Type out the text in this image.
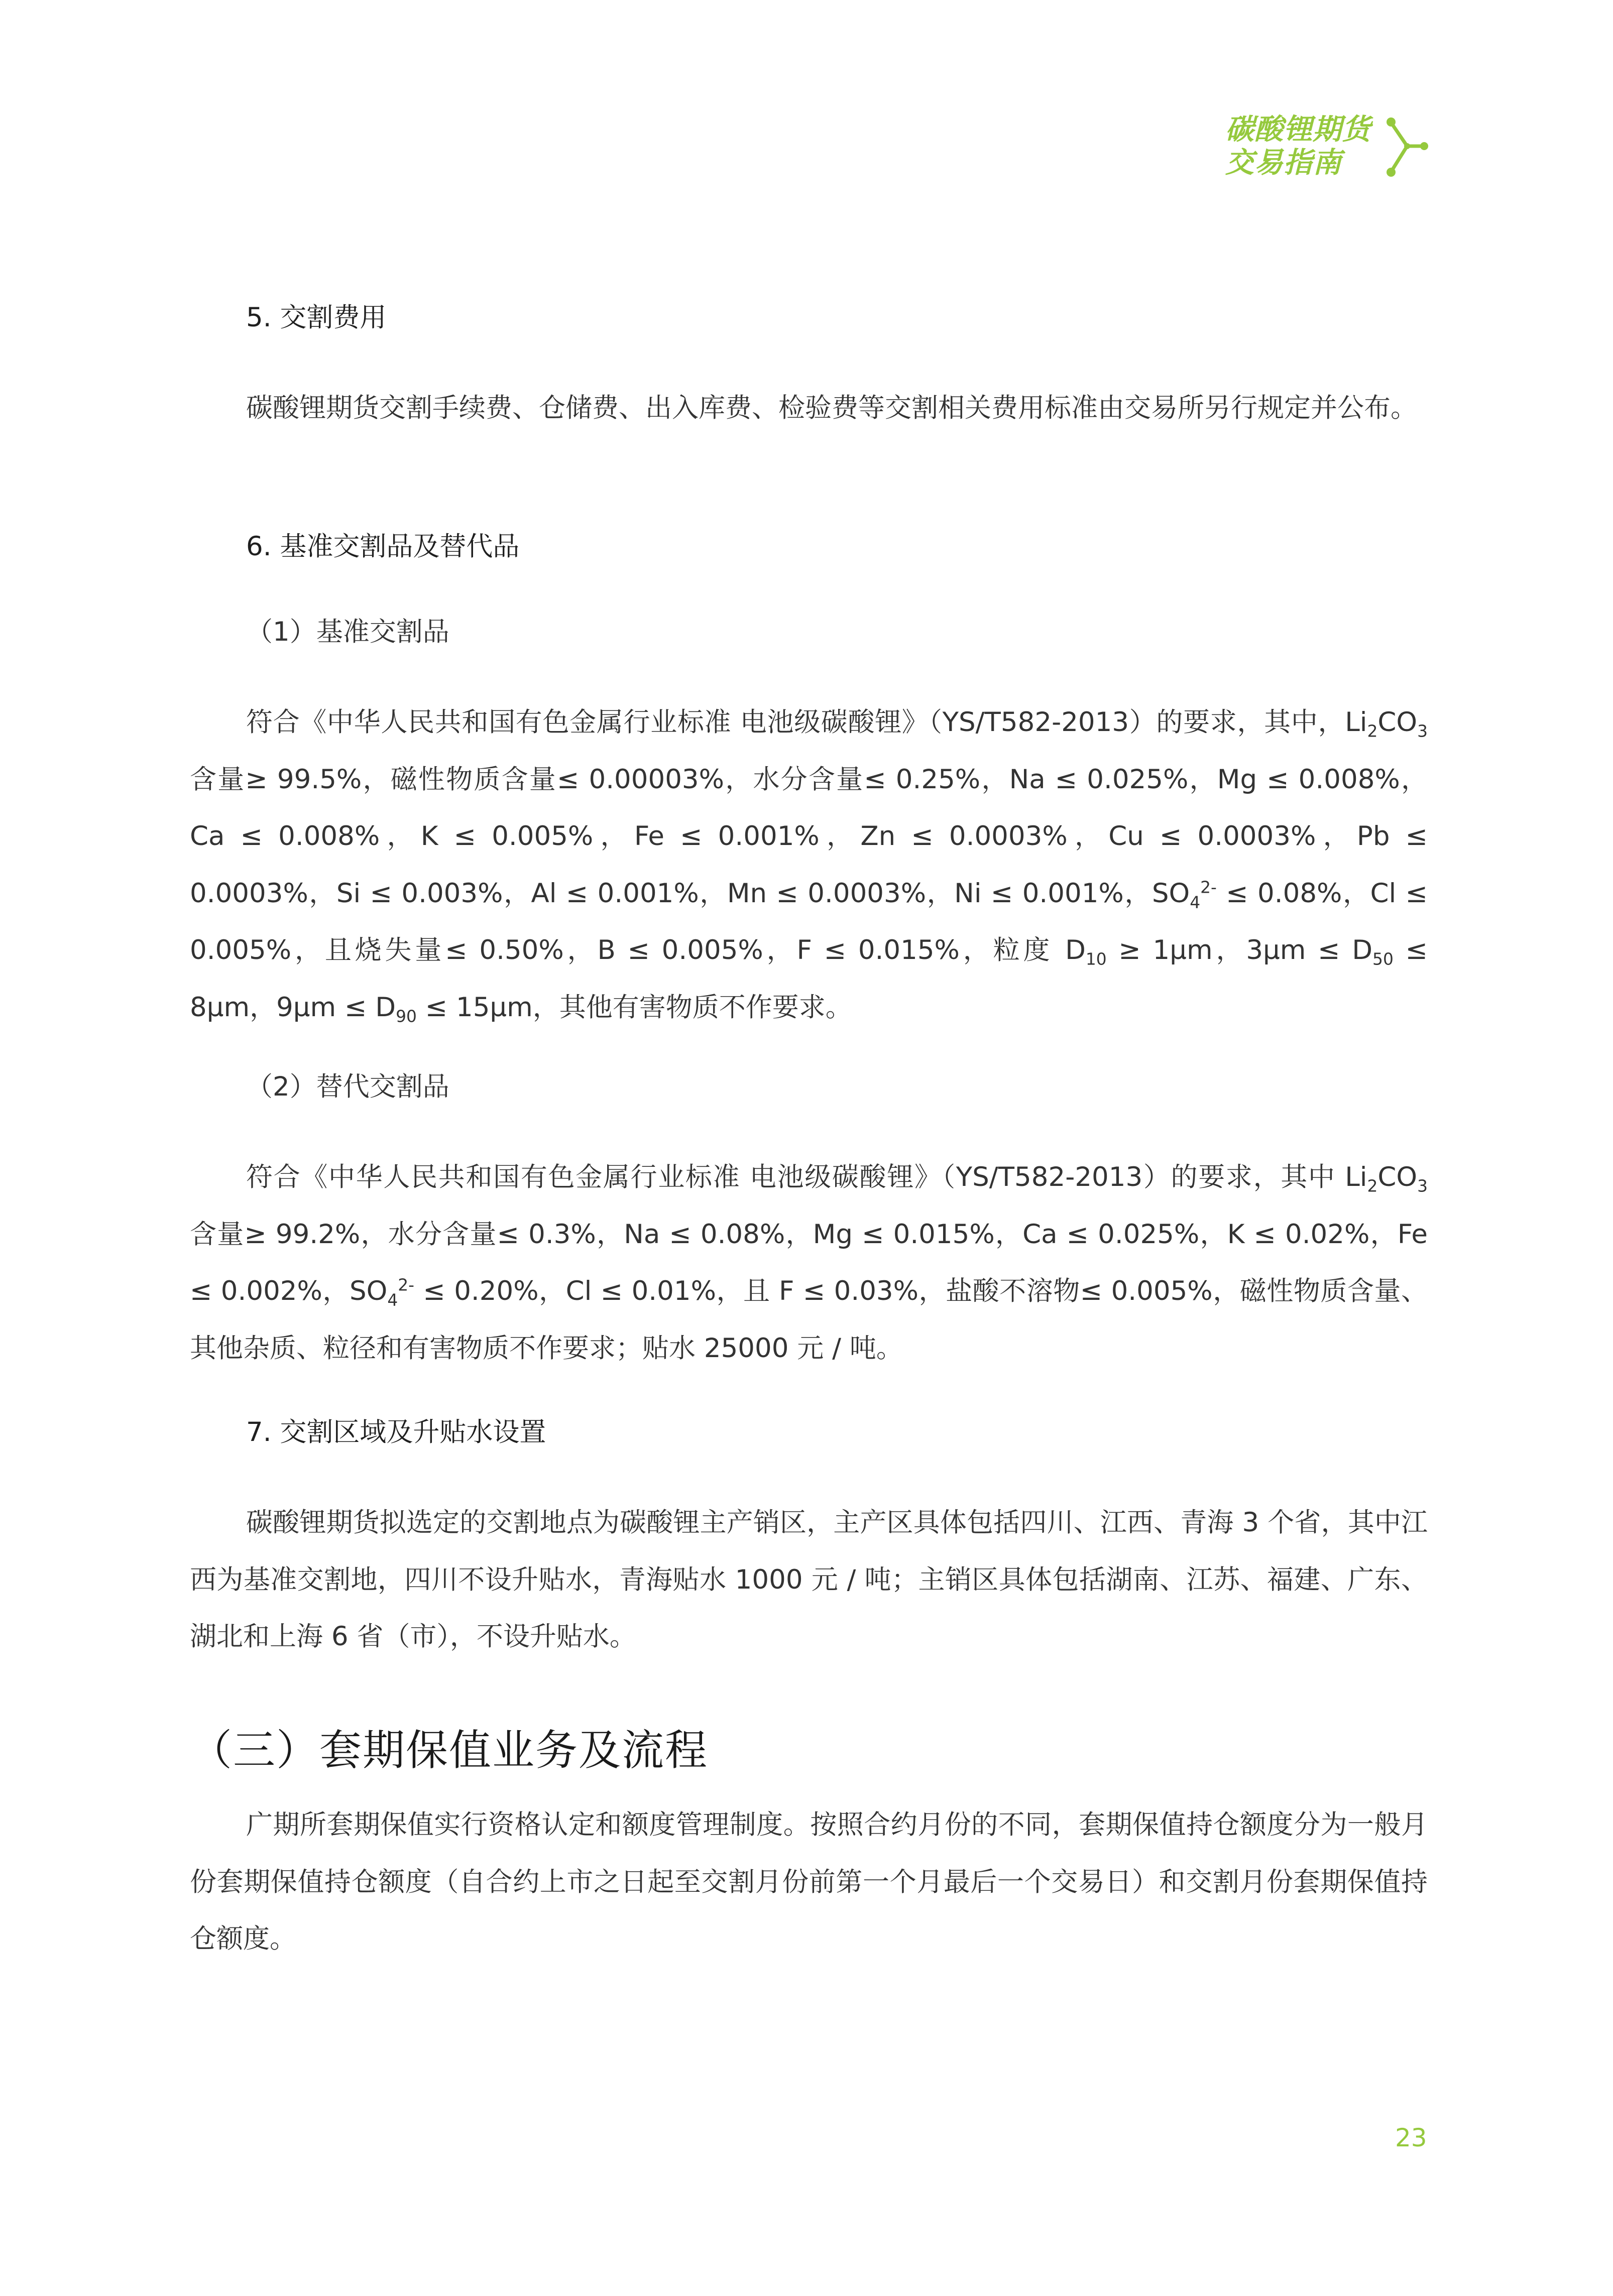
碳酸锂期货
交易指南
5. 交割费用

碳酸锂期货交割手续费、仓储费、出入库费、检验费等交割相关费用标准由交易所另行规定并公布。

6. 基准交割品及替代品
（1）基准交割品

符合《中华人民共和国有色金属行业标准 电池级碳酸锂》（YS/T582-2013）的要求，其中，$Li_2CO_3$ 含量≥ 99.5%，磁性物质含量≤ 0.00003%，水分含量≤ 0.25%，Na ≤ 0.025%，Mg ≤ 0.008%，Ca ≤ 0.008%，K ≤ 0.005%，Fe ≤ 0.001%，Zn ≤ 0.0003%，Cu ≤ 0.0003%，Pb ≤ 0.0003%，Si ≤ 0.003%，Al ≤ 0.001%，Mn ≤ 0.0003%，Ni ≤ 0.001%，$SO_4^{2-} \le 0.08\%$，Cl ≤ 0.005%，且烧失量≤ 0.50%，B ≤ 0.005%，F ≤ 0.015%，粒度 $D_{10} \ge 1\mu m$，$3\mu m \le D_{50} \le 8\mu m$，$9\mu m \le D_{90} \le 15\mu m$，其他有害物质不作要求。

（2）替代交割品

符合《中华人民共和国有色金属行业标准 电池级碳酸锂》（YS/T582-2013）的要求，其中 $Li_2CO_3$ 含量≥ 99.2%，水分含量≤ 0.3%，Na ≤ 0.08%，Mg ≤ 0.015%，Ca ≤ 0.025%，K ≤ 0.02%，Fe ≤ 0.002%，$SO_4^{2-} \le 0.20\%$，Cl ≤ 0.01%，且 F ≤ 0.03%，盐酸不溶物≤ 0.005%，磁性物质含量、其他杂质、粒径和有害物质不作要求；贴水 25000 元 / 吨。

7. 交割区域及升贴水设置

碳酸锂期货拟选定的交割地点为碳酸锂主产销区，主产区具体包括四川、江西、青海 3 个省，其中江西为基准交割地，四川不设升贴水，青海贴水 1000 元 / 吨；主销区具体包括湖南、江苏、福建、广东、湖北和上海 6 省（市），不设升贴水。

（三）套期保值业务及流程

广期所套期保值实行资格认定和额度管理制度。按照合约月份的不同，套期保值持仓额度分为一般月份套期保值持仓额度（自合约上市之日起至交割月份前第一个月最后一个交易日）和交割月份套期保值持仓额度。

23
